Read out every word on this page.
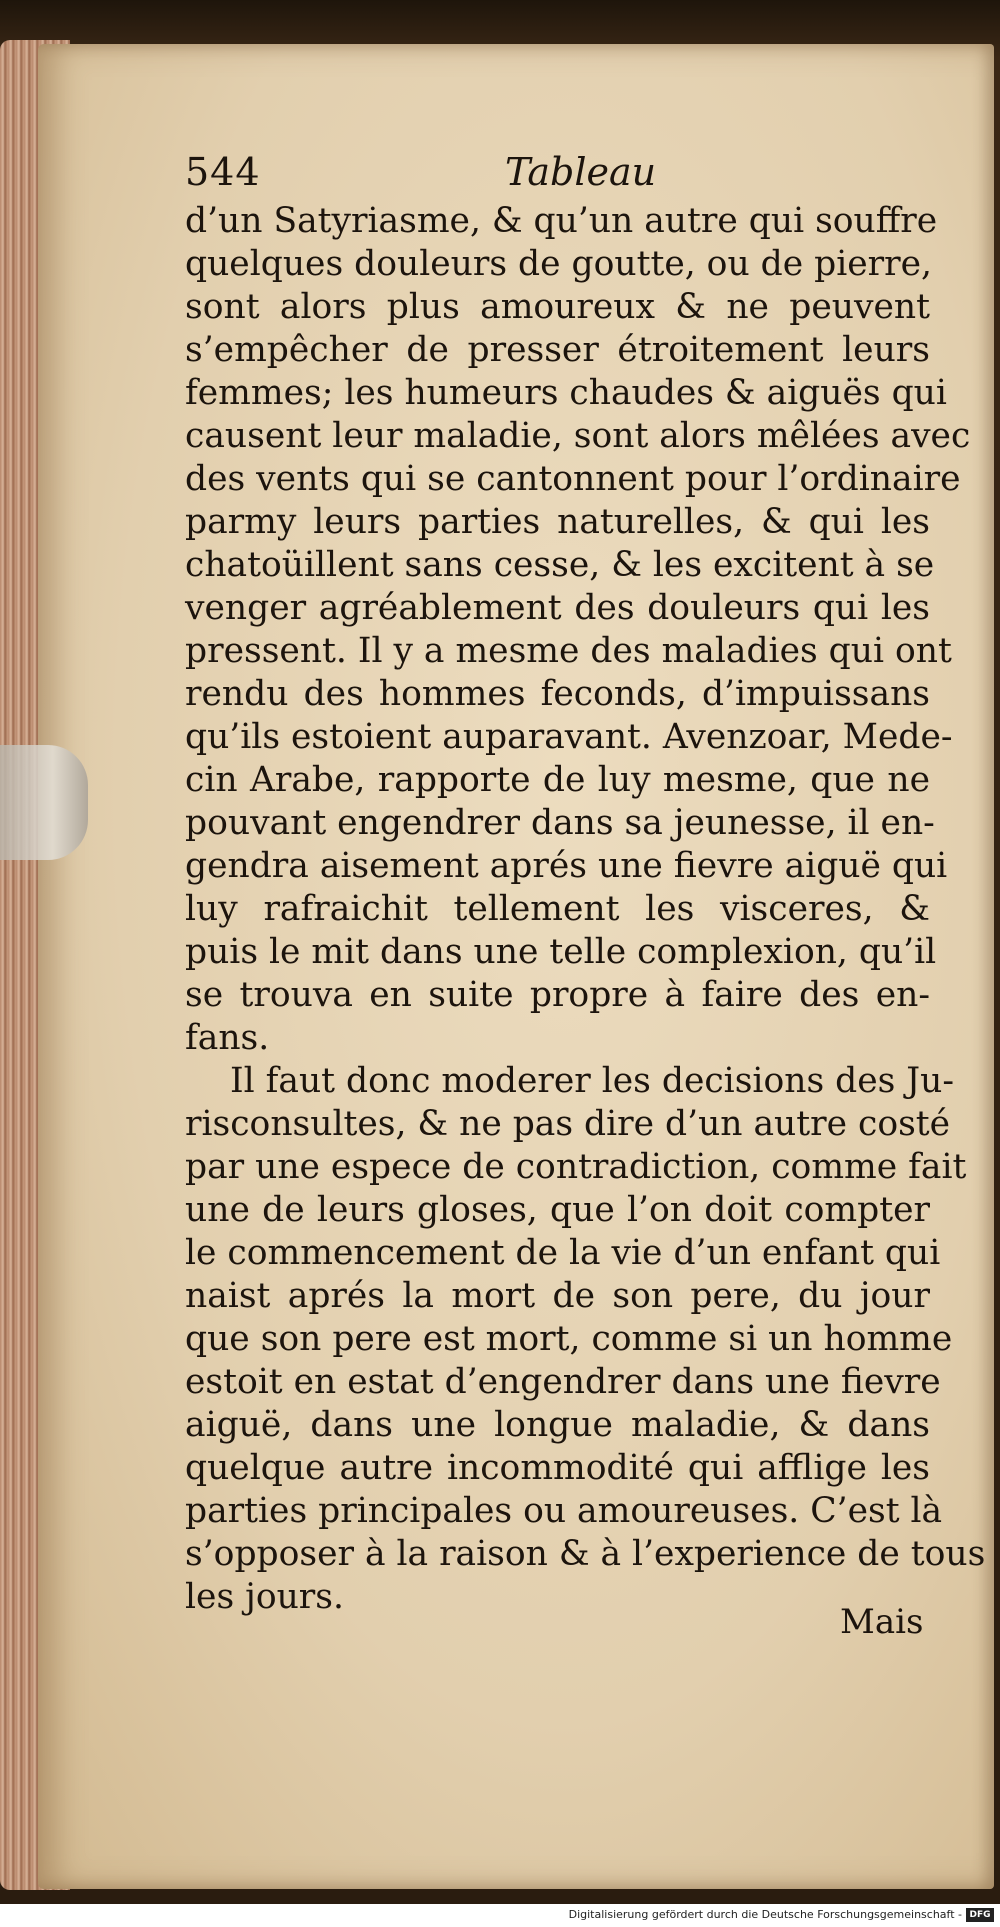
544	Tableau
d’un Satyriasme, & qu’un autre qui souffre
quelques douleurs de goutte, ou de pierre,
sont alors plus amoureux & ne peuvent
s’empêcher de presser étroitement leurs
femmes; les humeurs chaudes & aiguës qui
causent leur maladie, sont alors mêlées avec
des vents qui se cantonnent pour l’ordinaire
parmy leurs parties naturelles, & qui les
chatoüillent sans cesse, & les excitent à se
venger agréablement des douleurs qui les
pressent. Il y a mesme des maladies qui ont
rendu des hommes feconds, d’impuissans
qu’ils estoient auparavant. Avenzoar, Mede-
cin Arabe, rapporte de luy mesme, que ne
pouvant engendrer dans sa jeunesse, il en-
gendra aisement aprés une fievre aiguë qui
luy rafraichit tellement les visceres, &
puis le mit dans une telle complexion, qu’il
se trouva en suite propre à faire des en-
fans.
Il faut donc moderer les decisions des Ju-
risconsultes, & ne pas dire d’un autre costé
par une espece de contradiction, comme fait
une de leurs gloses, que l’on doit compter
le commencement de la vie d’un enfant qui
naist aprés la mort de son pere, du jour
que son pere est mort, comme si un homme
estoit en estat d’engendrer dans une fievre
aiguë, dans une longue maladie, & dans
quelque autre incommodité qui afflige les
parties principales ou amoureuses. C’est là
s’opposer à la raison & à l’experience de tous
les jours.
Mais
Digitalisierung gefördert durch die Deutsche Forschungsgemeinschaft - DFG
